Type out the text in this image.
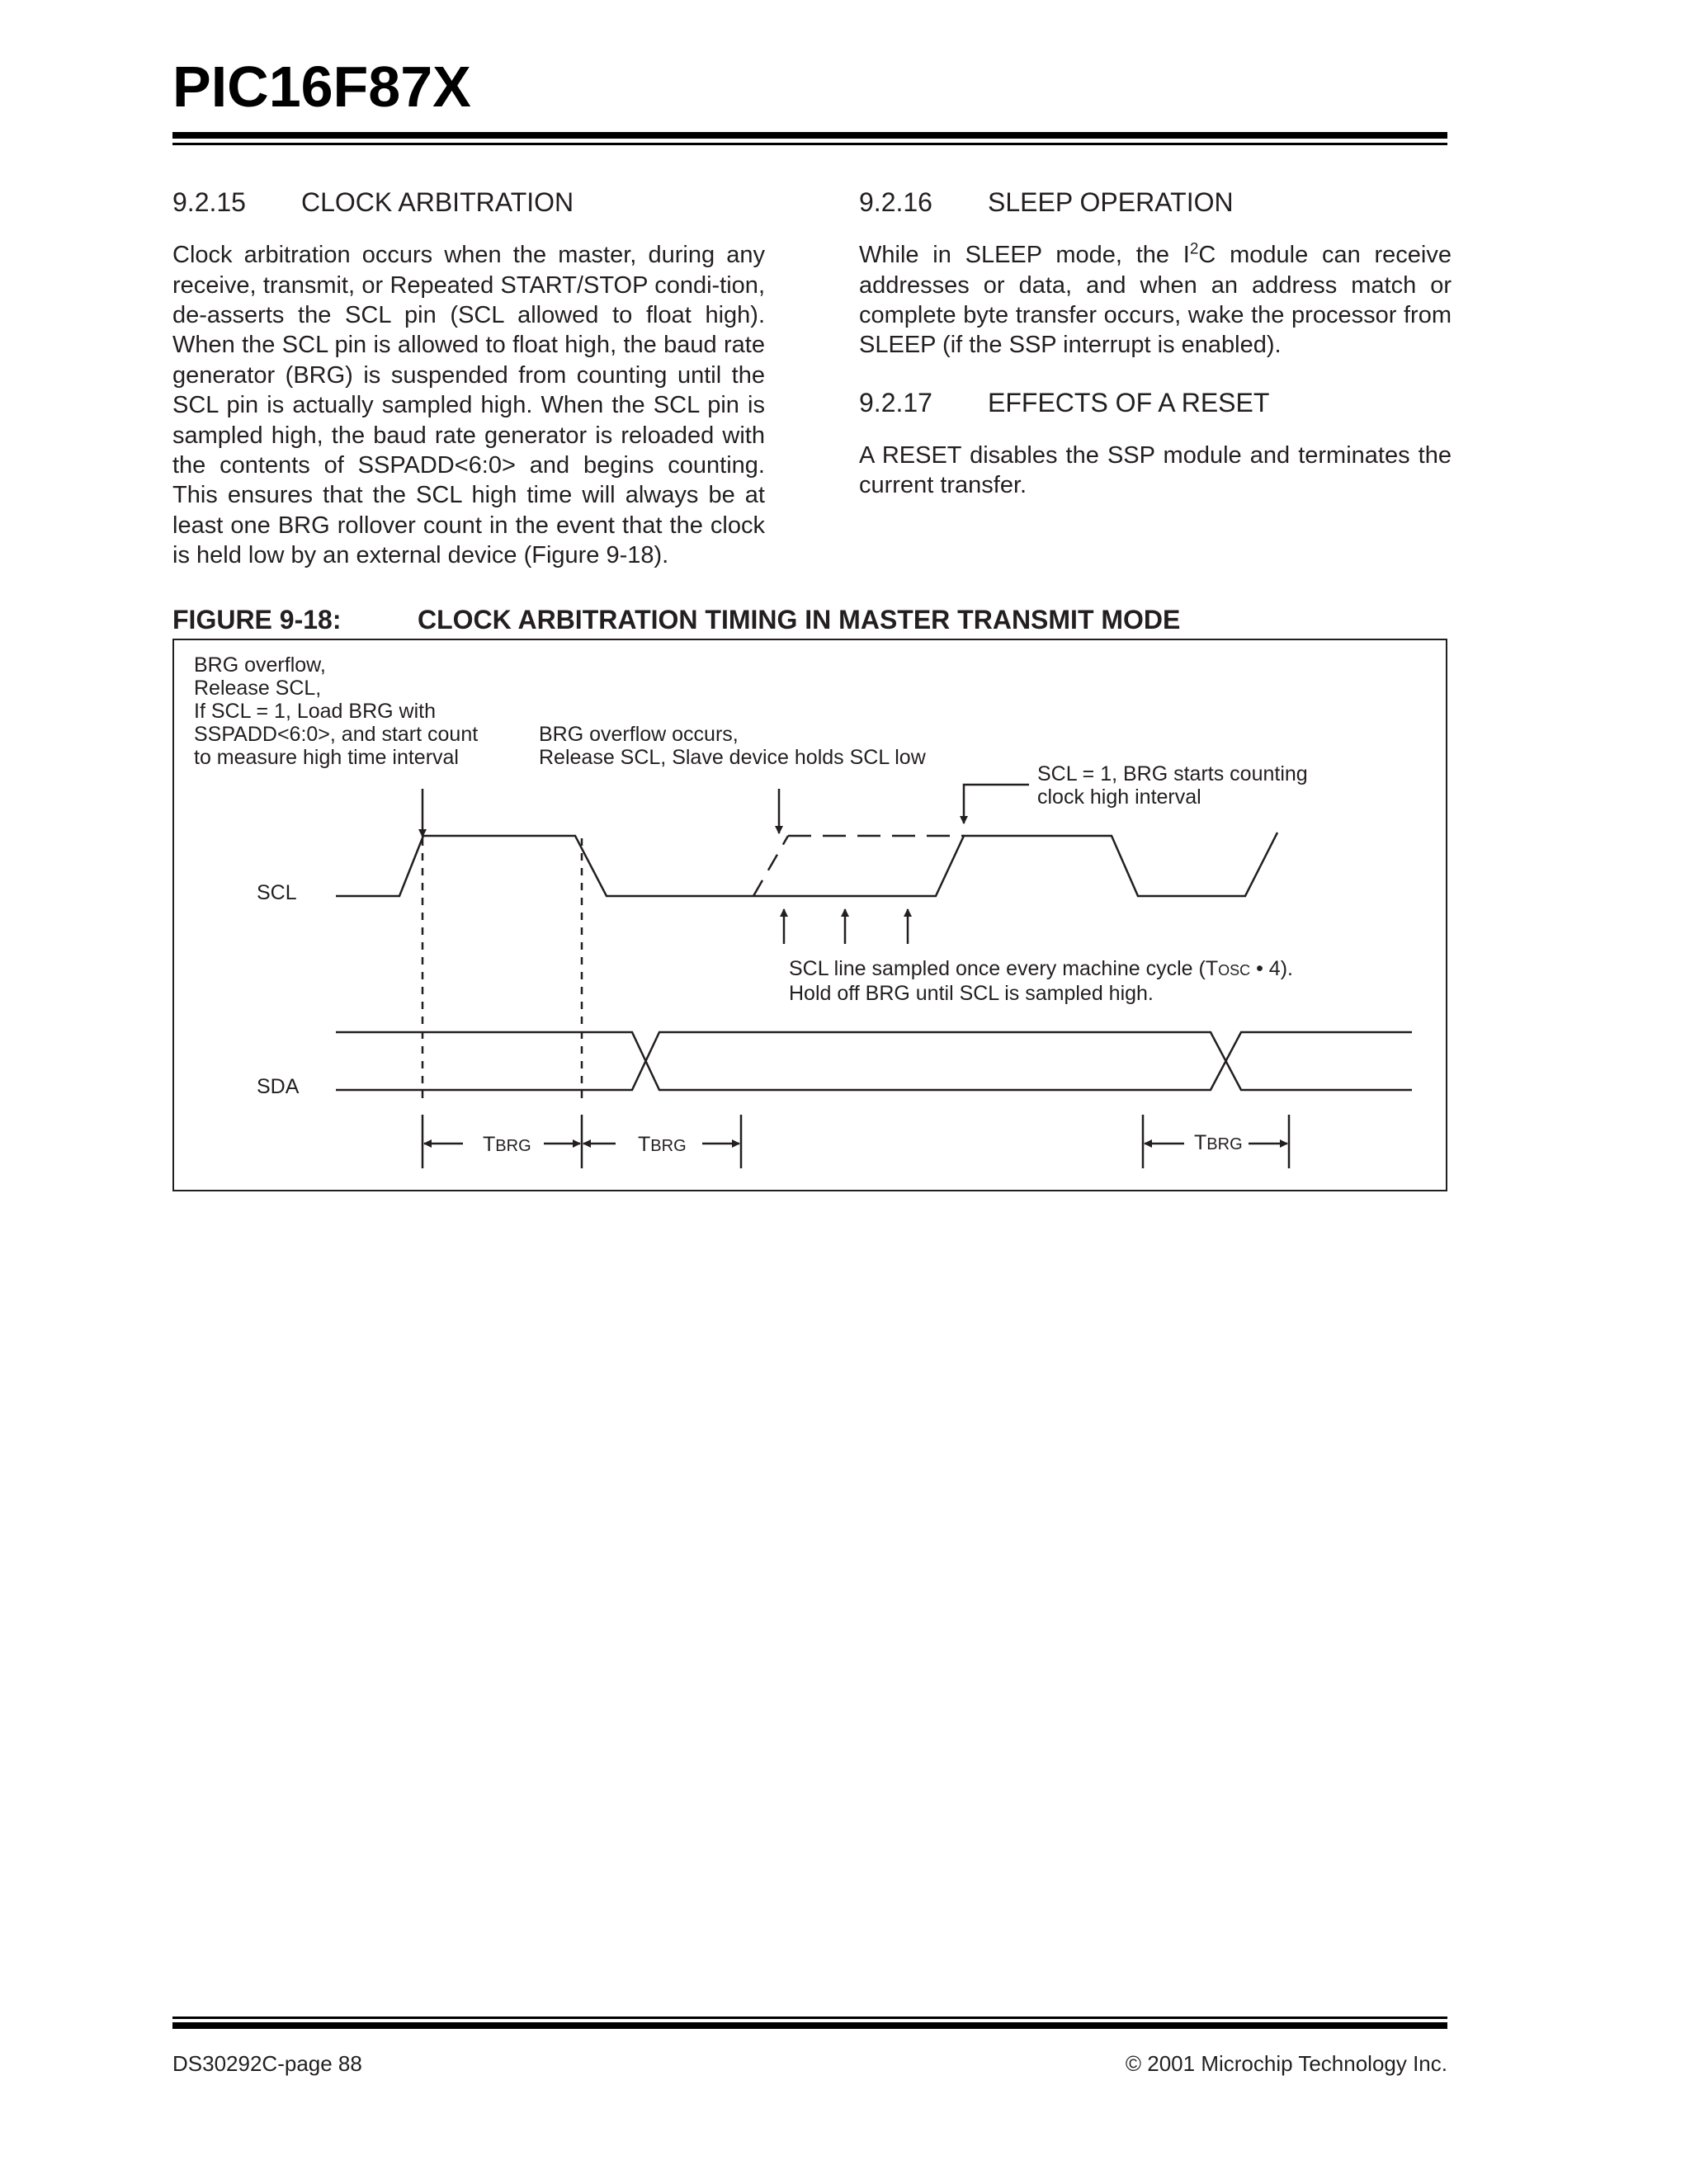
PIC16F87X
9.2.15	CLOCK ARBITRATION

Clock arbitration occurs when the master, during any receive, transmit, or Repeated START/STOP condi-tion, de-asserts the SCL pin (SCL allowed to float high). When the SCL pin is allowed to float high, the baud rate generator (BRG) is suspended from counting until the SCL pin is actually sampled high. When the SCL pin is sampled high, the baud rate generator is reloaded with the contents of SSPADD<6:0> and begins counting. This ensures that the SCL high time will always be at least one BRG rollover count in the event that the clock is held low by an external device (Figure 9-18).

9.2.16	SLEEP OPERATION

While in SLEEP mode, the $I^2C$ module can receive addresses or data, and when an address match or complete byte transfer occurs, wake the processor from SLEEP (if the SSP interrupt is enabled).

9.2.17	EFFECTS OF A RESET

A RESET disables the SSP module and terminates the current transfer.

FIGURE 9-18:	CLOCK ARBITRATION TIMING IN MASTER TRANSMIT MODE
BRG overflow,
Release SCL,
If SCL = 1, Load BRG with
SSPADD<6:0>, and start count
to measure high time interval
BRG overflow occurs,
Release SCL, Slave device holds SCL low
SCL = 1, BRG starts counting
clock high interval
SCL
SCL line sampled once every machine cycle (TOSC • 4).
Hold off BRG until SCL is sampled high.
SDA
TBRG	TBRG	TBRG
DS30292C-page 88	© 2001 Microchip Technology Inc.
